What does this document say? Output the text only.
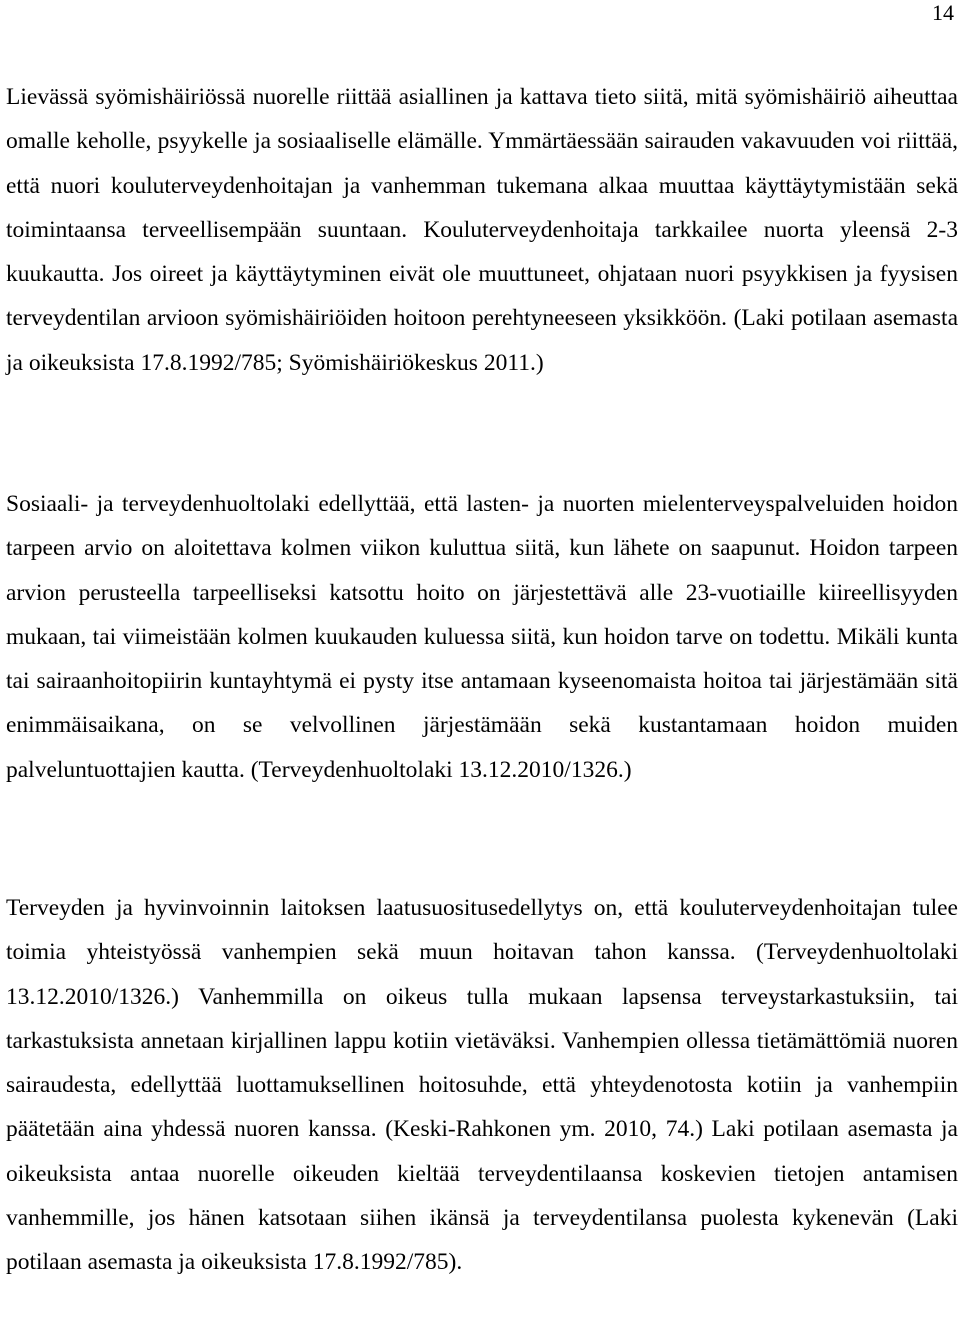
14

Lievässä syömishäiriössä nuorelle riittää asiallinen ja kattava tieto siitä, mitä syömishäiriö aiheuttaa omalle keholle, psyykelle ja sosiaaliselle elämälle. Ymmärtäessään sairauden vakavuuden voi riittää, että nuori kouluterveydenhoitajan ja vanhemman tukemana alkaa muuttaa käyttäytymistään sekä toimintaansa terveellisempään suuntaan. Kouluterveydenhoitaja tarkkailee nuorta yleensä 2-3 kuukautta. Jos oireet ja käyttäytyminen eivät ole muuttuneet, ohjataan nuori psyykkisen ja fyysisen terveydentilan arvioon syömishäiriöiden hoitoon perehtyneeseen yksikköön. (Laki potilaan asemasta ja oikeuksista 17.8.1992/785; Syömishäiriökeskus 2011.)

Sosiaali- ja terveydenhuoltolaki edellyttää, että lasten- ja nuorten mielenterveyspalveluiden hoidon tarpeen arvio on aloitettava kolmen viikon kuluttua siitä, kun lähete on saapunut. Hoidon tarpeen arvion perusteella tarpeelliseksi katsottu hoito on järjestettävä alle 23-vuotiaille kiireellisyyden mukaan, tai viimeistään kolmen kuukauden kuluessa siitä, kun hoidon tarve on todettu. Mikäli kunta tai sairaanhoitopiirin kuntayhtymä ei pysty itse antamaan kyseenomaista hoitoa tai järjestämään sitä enimmäisaikana, on se velvollinen järjestämään sekä kustantamaan hoidon muiden palveluntuottajien kautta. (Terveydenhuoltolaki 13.12.2010/1326.)

Terveyden ja hyvinvoinnin laitoksen laatusuositusedellytys on, että kouluterveydenhoitajan tulee toimia yhteistyössä vanhempien sekä muun hoitavan tahon kanssa. (Terveydenhuoltolaki 13.12.2010/1326.) Vanhemmilla on oikeus tulla mukaan lapsensa terveystarkastuksiin, tai tarkastuksista annetaan kirjallinen lappu kotiin vietäväksi. Vanhempien ollessa tietämättömiä nuoren sairaudesta, edellyttää luottamuksellinen hoitosuhde, että yhteydenotosta kotiin ja vanhempiin päätetään aina yhdessä nuoren kanssa. (Keski-Rahkonen ym. 2010, 74.) Laki potilaan asemasta ja oikeuksista antaa nuorelle oikeuden kieltää terveydentilaansa koskevien tietojen antamisen vanhemmille, jos hänen katsotaan siihen ikänsä ja terveydentilansa puolesta kykenevän (Laki potilaan asemasta ja oikeuksista 17.8.1992/785).
